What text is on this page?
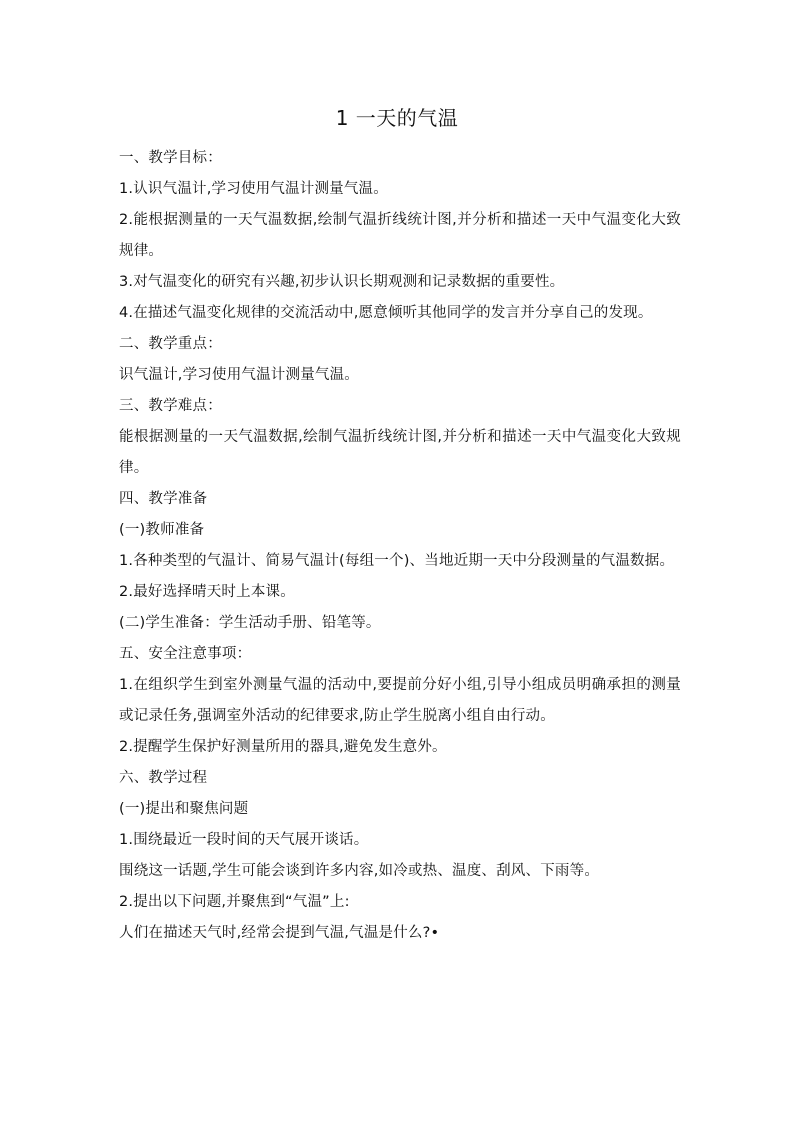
1 一天的气温

一、教学目标：

1.认识气温计,学习使用气温计测量气温。

2.能根据测量的一天气温数据,绘制气温折线统计图,并分析和描述一天中气温变化大致规律。

3.对气温变化的研究有兴趣,初步认识长期观测和记录数据的重要性。

4.在描述气温变化规律的交流活动中,愿意倾听其他同学的发言并分享自己的发现。

二、教学重点：

识气温计,学习使用气温计测量气温。

三、教学难点：

能根据测量的一天气温数据,绘制气温折线统计图,并分析和描述一天中气温变化大致规律。

四、教学准备

(一)教师准备

1.各种类型的气温计、简易气温计(每组一个)、当地近期一天中分段测量的气温数据。

2.最好选择晴天时上本课。

(二)学生准备：学生活动手册、铅笔等。

五、安全注意事项：

1.在组织学生到室外测量气温的活动中,要提前分好小组,引导小组成员明确承担的测量或记录任务,强调室外活动的纪律要求,防止学生脱离小组自由行动。

2.提醒学生保护好测量所用的器具,避免发生意外。

六、教学过程

(一)提出和聚焦问题

1.围绕最近一段时间的天气展开谈话。

围绕这一话题,学生可能会谈到许多内容,如冷或热、温度、刮风、下雨等。

2.提出以下问题,并聚焦到“气温”上:

人们在描述天气时,经常会提到气温,气温是什么?•
